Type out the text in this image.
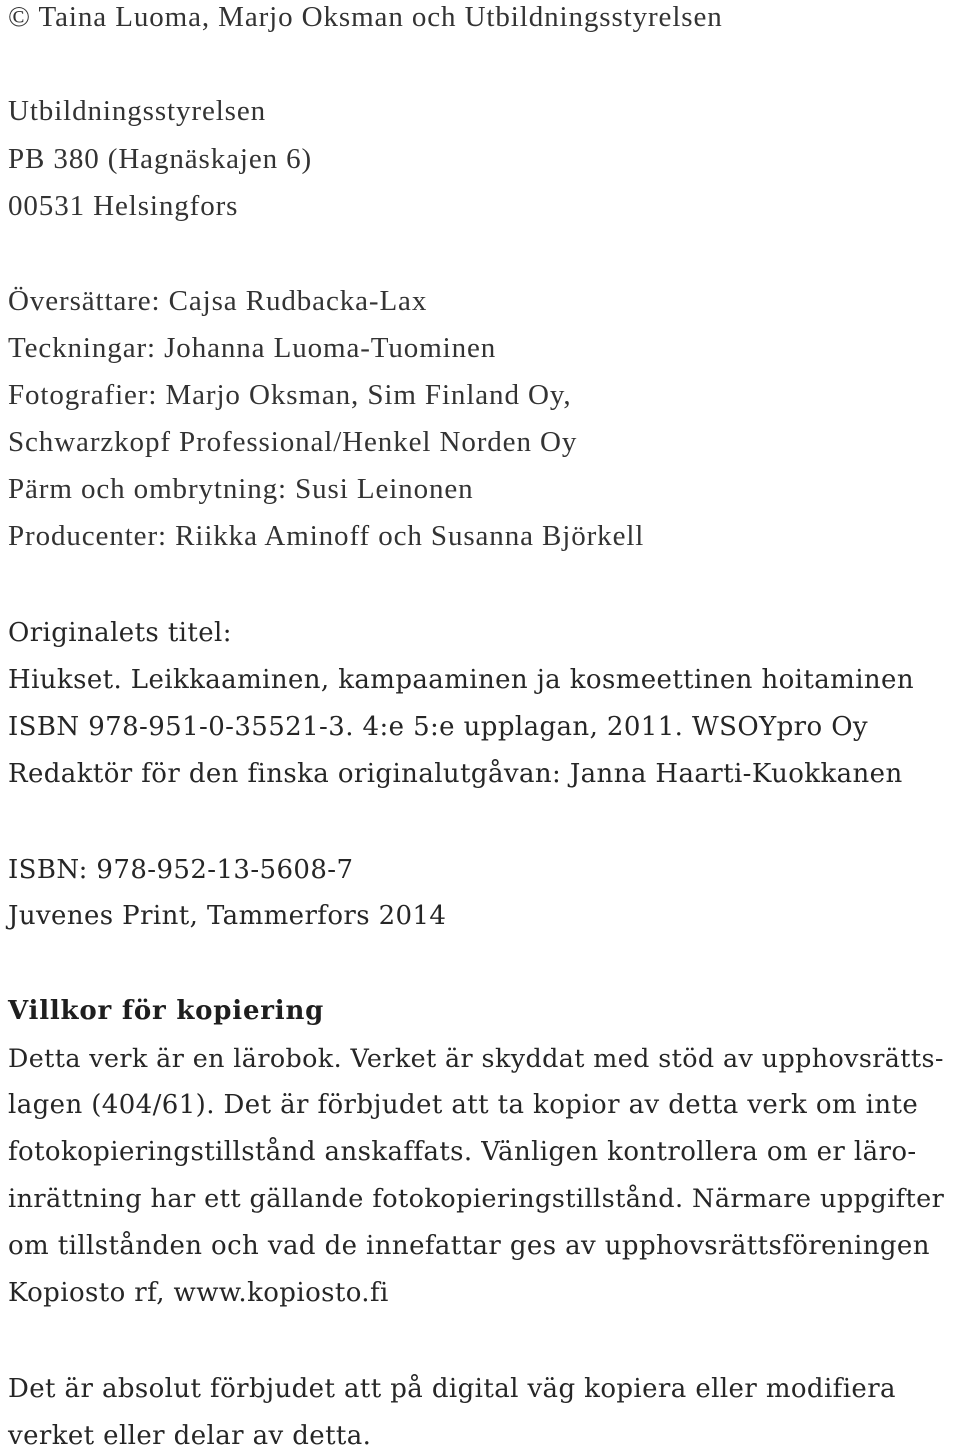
© Taina Luoma, Marjo Oksman och Utbildningsstyrelsen
Utbildningsstyrelsen
PB 380 (Hagnäskajen 6)
00531 Helsingfors
Översättare: Cajsa Rudbacka-Lax
Teckningar: Johanna Luoma-Tuominen
Fotografier: Marjo Oksman, Sim Finland Oy,
Schwarzkopf Professional/Henkel Norden Oy
Pärm och ombrytning: Susi Leinonen
Producenter: Riikka Aminoff och Susanna Björkell
Originalets titel:
Hiukset. Leikkaaminen, kampaaminen ja kosmeettinen hoitaminen
ISBN 978-951-0-35521-3. 4:e 5:e upplagan, 2011. WSOYpro Oy
Redaktör för den finska originalutgåvan: Janna Haarti-Kuokkanen
ISBN: 978-952-13-5608-7
Juvenes Print, Tammerfors 2014
Villkor för kopiering
Detta verk är en lärobok. Verket är skyddat med stöd av upphovsrätts-
lagen (404/61). Det är förbjudet att ta kopior av detta verk om inte
fotokopieringstillstånd anskaffats. Vänligen kontrollera om er läro-
inrättning har ett gällande fotokopieringstillstånd. Närmare uppgifter
om tillstånden och vad de innefattar ges av upphovsrättsföreningen
Kopiosto rf, www.kopiosto.fi
Det är absolut förbjudet att på digital väg kopiera eller modifiera
verket eller delar av detta.
